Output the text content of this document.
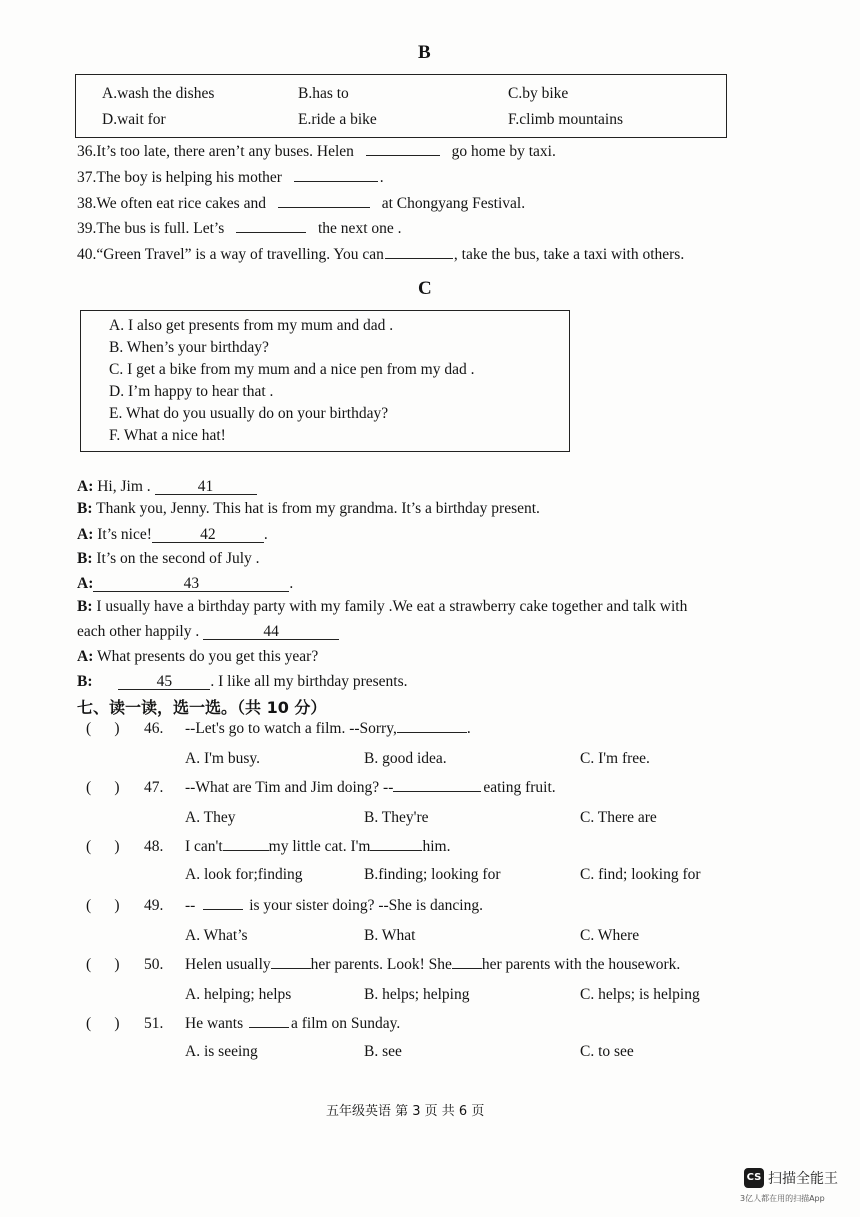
B
A.wash the dishes	B.has to	C.by bike
D.wait for	E.ride a bike	F.climb mountains
36.It’s too late, there aren’t any buses. Helen	go home by taxi.
37.The boy is helping his mother	.
38.We often eat rice cakes and	at Chongyang Festival.
39.The bus is full. Let’s	the next one .
40.“Green Travel” is a way of travelling. You can	, take the bus, take a taxi with others.
C
A. I also get presents from my mum and dad .
B. When’s your birthday?
C. I get a bike from my mum and a nice pen from my dad .
D. I’m happy to hear that .
E. What do you usually do on your birthday?
F. What a nice hat!
A: Hi, Jim .	41
B: Thank you, Jenny. This hat is from my grandma. It’s a birthday present.
A: It’s nice!	42	.
B: It’s on the second of July .
A:	43	.
B: I usually have a birthday party with my family .We eat a strawberry cake together and talk with
each other happily .	44
A: What presents do you get this year?
B:	45 . I like all my birthday presents.
七、读一读，选一选。（共 10 分）
(      ) 46. --Let's go to watch a film. --Sorry,	.
A. I'm busy.	B. good idea.	C. I'm free.
(      ) 47. --What are Tim and Jim doing? --	eating fruit.
A. They	B. They're	C. There are
(      ) 48. I can't	my little cat. I'm	him.
A. look for;finding	B.finding; looking for	C. find; looking for
(      ) 49. --	is your sister doing? --She is dancing.
A. What’s	B. What	C. Where
(      ) 50. Helen usually	her parents. Look! She her parents with the housework.
A. helping; helps	B. helps; helping	C. helps; is helping
(      ) 51. He wants	a film on Sunday.
A. is seeing	B. see	C. to see
五年级英语 第 3 页 共 6 页
CS 扫描全能王
3亿人都在用的扫描App
